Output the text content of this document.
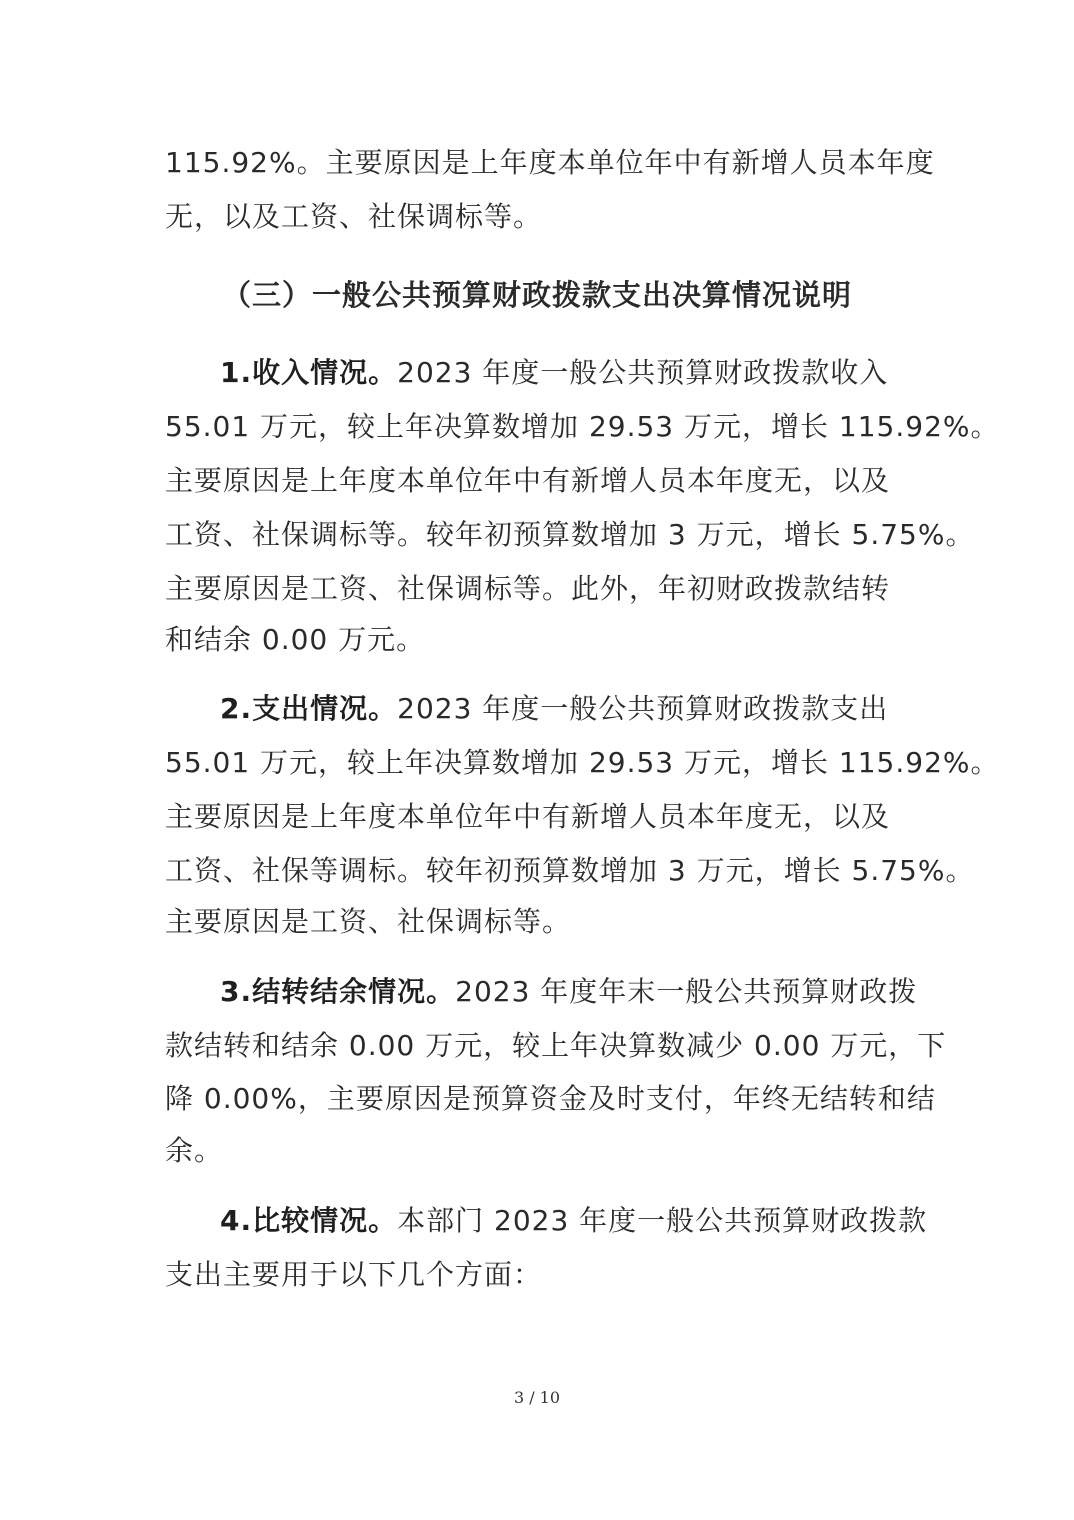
115.92%。主要原因是上年度本单位年中有新增人员本年度
无，以及工资、社保调标等。
（三）一般公共预算财政拨款支出决算情况说明
1.收入情况。2023 年度一般公共预算财政拨款收入
55.01 万元，较上年决算数增加 29.53 万元，增长 115.92%。
主要原因是上年度本单位年中有新增人员本年度无，以及
工资、社保调标等。较年初预算数增加 3 万元，增长 5.75%。
主要原因是工资、社保调标等。此外，年初财政拨款结转
和结余 0.00 万元。
2.支出情况。2023 年度一般公共预算财政拨款支出
55.01 万元，较上年决算数增加 29.53 万元，增长 115.92%。
主要原因是上年度本单位年中有新增人员本年度无，以及
工资、社保等调标。较年初预算数增加 3 万元，增长 5.75%。
主要原因是工资、社保调标等。
3.结转结余情况。2023 年度年末一般公共预算财政拨
款结转和结余 0.00 万元，较上年决算数减少 0.00 万元，下
降 0.00%，主要原因是预算资金及时支付，年终无结转和结
余。
4.比较情况。本部门 2023 年度一般公共预算财政拨款
支出主要用于以下几个方面：
3 / 10
